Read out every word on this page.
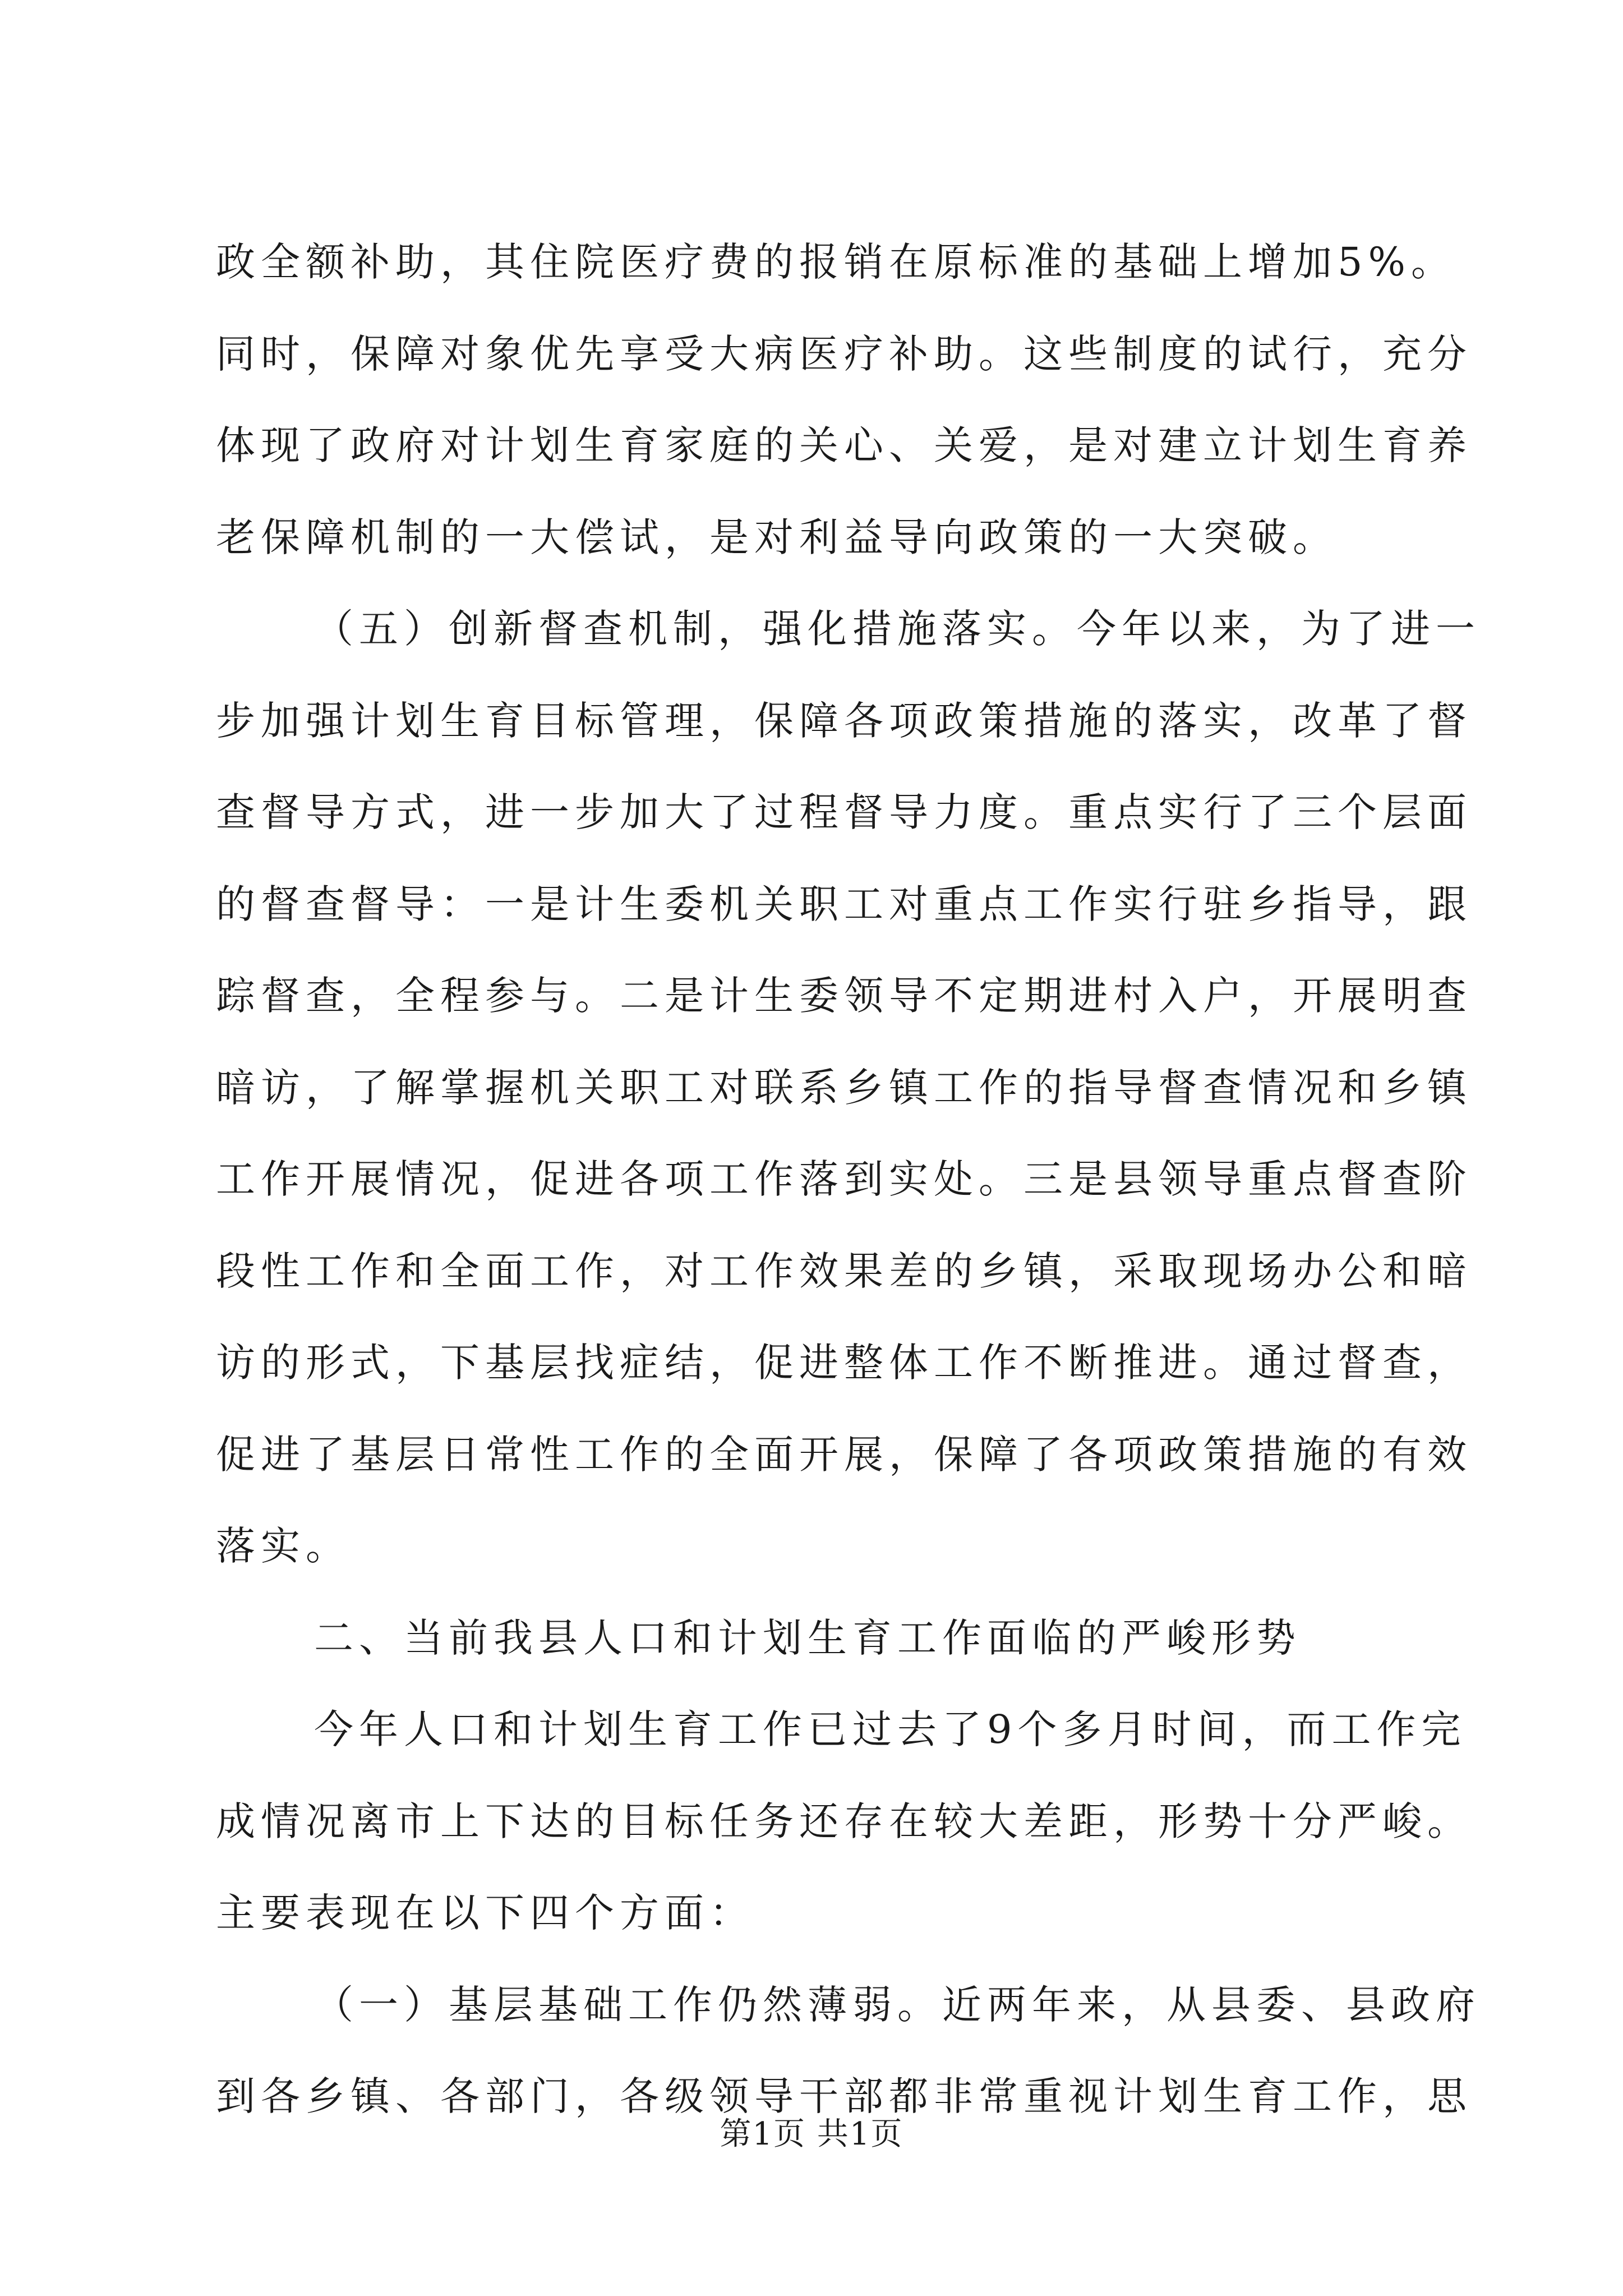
政全额补助，其住院医疗费的报销在原标准的基础上增加5%。
同时，保障对象优先享受大病医疗补助。这些制度的试行，充分
体现了政府对计划生育家庭的关心、关爱，是对建立计划生育养
老保障机制的一大偿试，是对利益导向政策的一大突破。
（五）创新督查机制，强化措施落实。今年以来，为了进一
步加强计划生育目标管理，保障各项政策措施的落实，改革了督
查督导方式，进一步加大了过程督导力度。重点实行了三个层面
的督查督导：一是计生委机关职工对重点工作实行驻乡指导，跟
踪督查，全程参与。二是计生委领导不定期进村入户，开展明查
暗访，了解掌握机关职工对联系乡镇工作的指导督查情况和乡镇
工作开展情况，促进各项工作落到实处。三是县领导重点督查阶
段性工作和全面工作，对工作效果差的乡镇，采取现场办公和暗
访的形式，下基层找症结，促进整体工作不断推进。通过督查，
促进了基层日常性工作的全面开展，保障了各项政策措施的有效
落实。
二、当前我县人口和计划生育工作面临的严峻形势
今年人口和计划生育工作已过去了9个多月时间，而工作完
成情况离市上下达的目标任务还存在较大差距，形势十分严峻。
主要表现在以下四个方面：
（一）基层基础工作仍然薄弱。近两年来，从县委、县政府
到各乡镇、各部门，各级领导干部都非常重视计划生育工作，思
第1页 共1页
